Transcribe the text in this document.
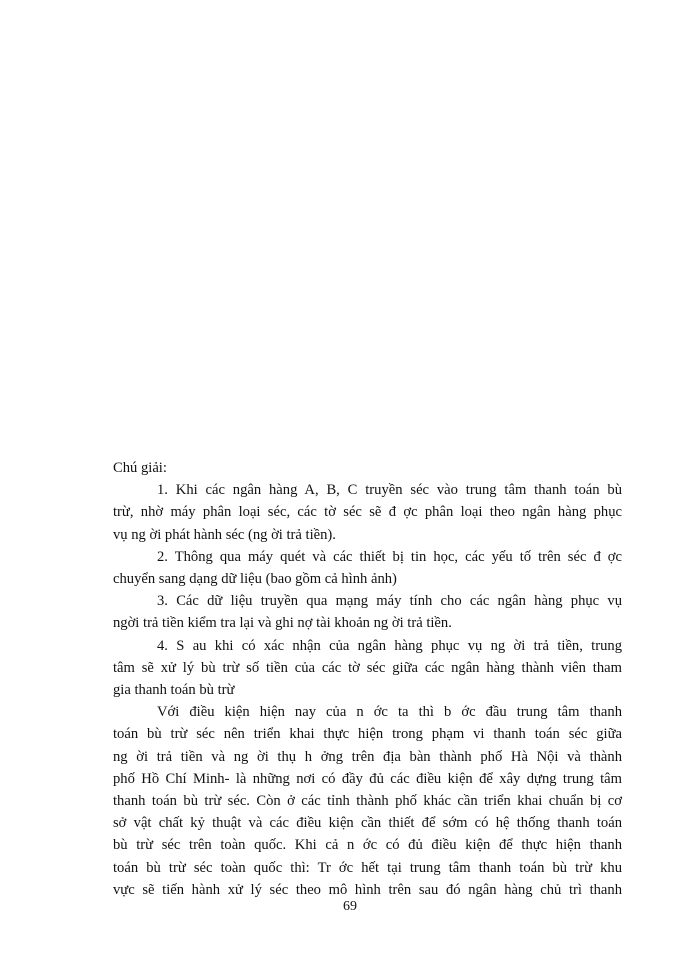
Chú giải:
1. Khi các ngân hàng A, B, C truyền séc vào trung tâm thanh toán bù
trừ, nhờ máy phân loại séc, các tờ séc sẽ đ ợc phân loại theo ngân hàng phục
vụ ng ời phát hành séc (ng ời trả tiền).
2. Thông qua máy quét và các thiết bị tin học, các yếu tố trên séc đ ợc
chuyển sang dạng dữ liệu (bao gồm cả hình ảnh)
3. Các dữ liệu truyền qua mạng máy tính cho các ngân hàng phục vụ
ngời trả tiền kiểm tra lại và ghi nợ tài khoản ng ời trả tiền.
4. S au khi có xác nhận của ngân hàng phục vụ ng ời trả tiền, trung
tâm sẽ xử lý bù trừ số tiền của các tờ séc giữa các ngân hàng thành viên tham
gia thanh toán bù trừ
Với điều kiện hiện nay của n ớc ta thì b ớc đầu trung tâm thanh
toán bù trừ séc nên triển khai thực hiện trong phạm vi thanh toán séc giữa
ng ời trả tiền và ng ời thụ h ởng trên địa bàn thành phố Hà Nội và thành
phố Hồ Chí Minh- là những nơi có đầy đủ các điều kiện để xây dựng trung tâm
thanh toán bù trừ séc. Còn ở các tỉnh thành phố khác cần triển khai chuẩn bị cơ
sở vật chất kỷ thuật và các điều kiện cần thiết để sớm có hệ thống thanh toán
bù trừ séc trên toàn quốc. Khi cả n ớc có đủ điều kiện để thực hiện thanh
toán bù trừ séc toàn quốc thì: Tr ớc hết tại trung tâm thanh toán bù trừ khu
vực sẽ tiến hành xử lý séc theo mô hình trên sau đó ngân hàng chủ trì thanh
69
